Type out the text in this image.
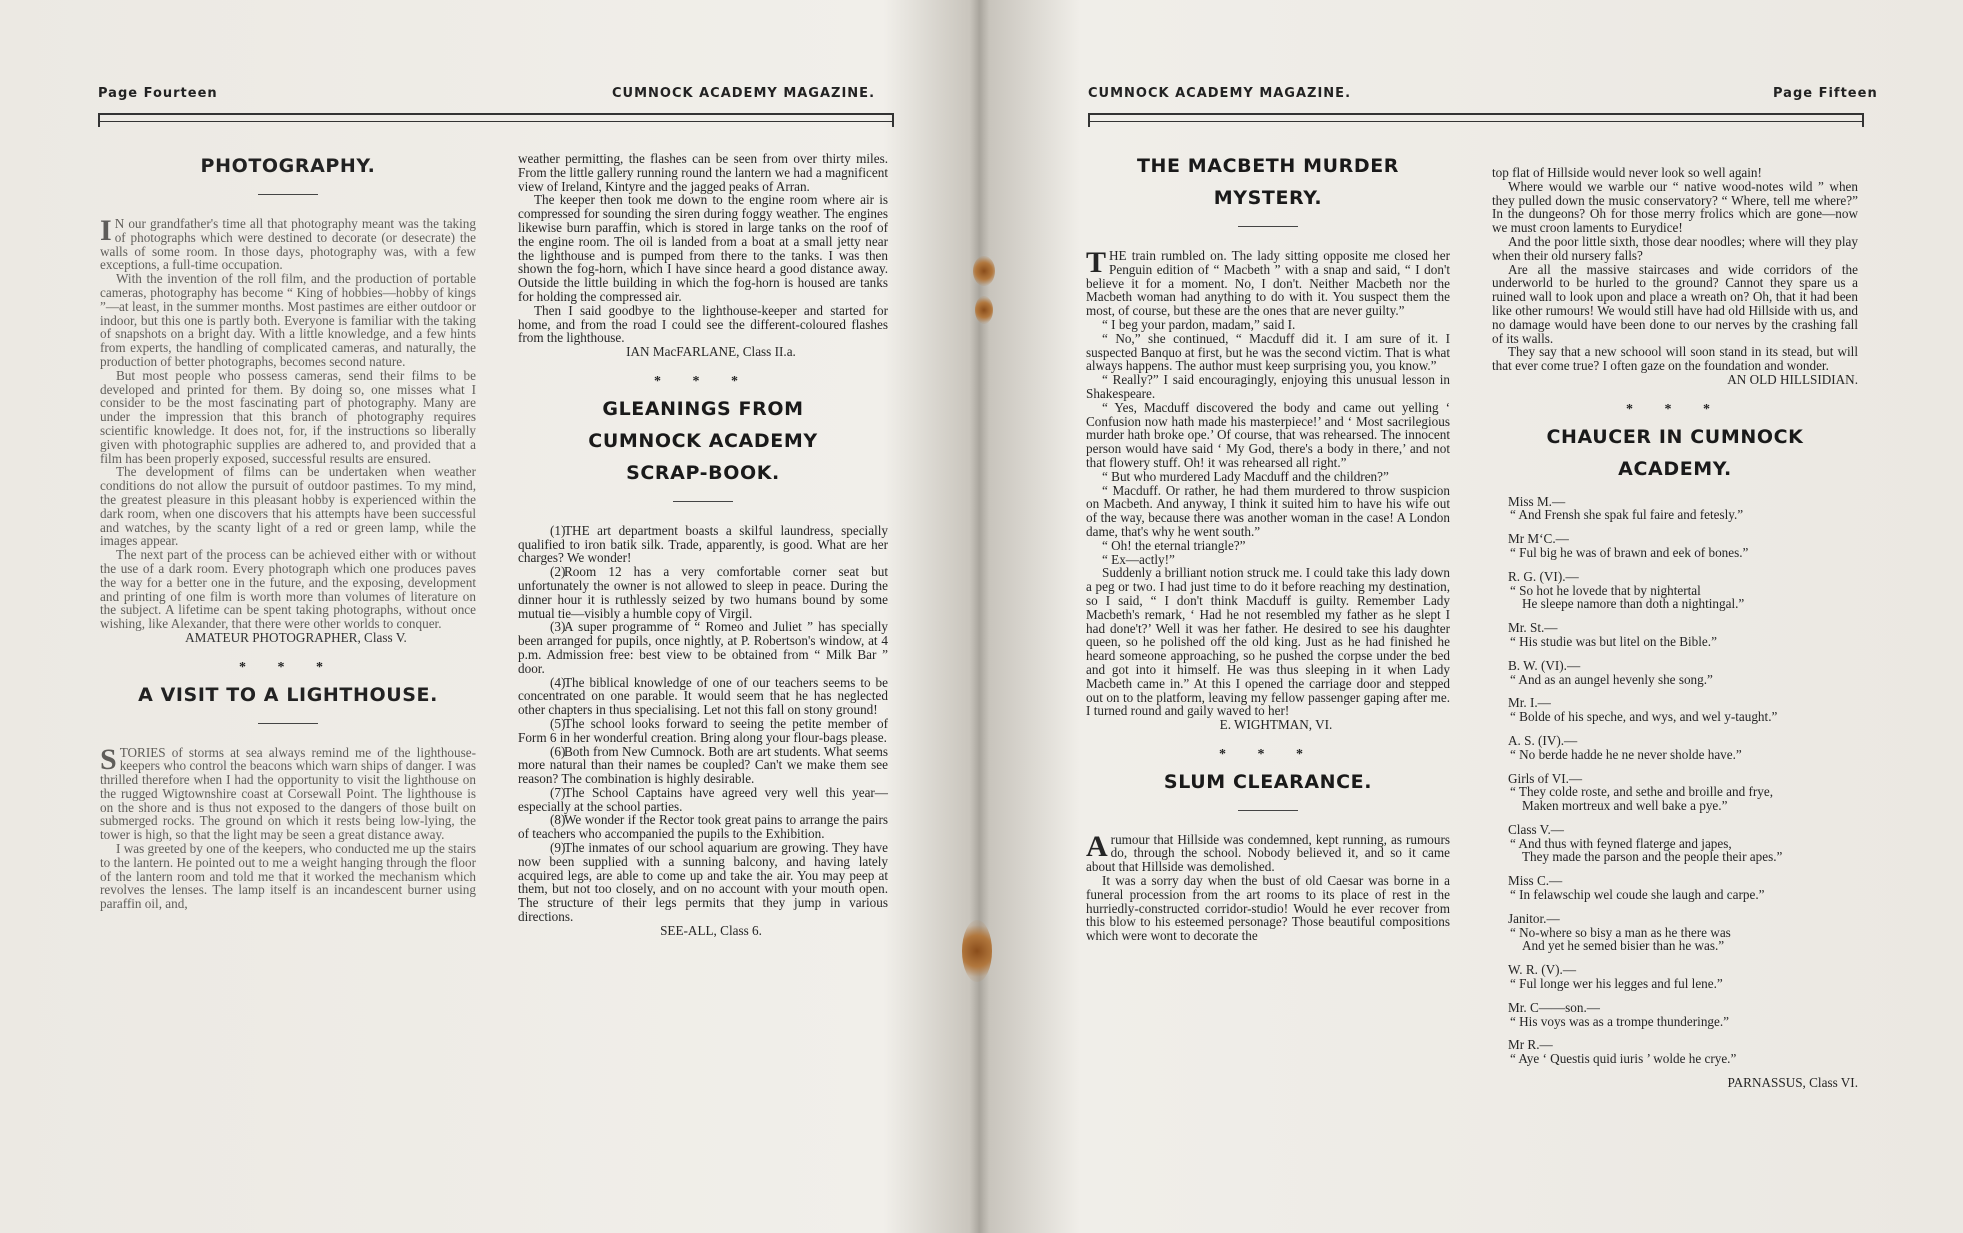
Page Fourteen	CUMNOCK ACADEMY MAGAZINE.
PHOTOGRAPHY.

I N our grandfather's time all that photography meant was the taking of photographs which were destined to decorate (or desecrate) the walls of some room. In those days, photography was, with a few exceptions, a full-time occupation.

With the invention of the roll film, and the production of portable cameras, photography has become “ King of hobbies—hobby of kings ”—at least, in the summer months. Most pastimes are either outdoor or indoor, but this one is partly both. Everyone is familiar with the taking of snapshots on a bright day. With a little knowledge, and a few hints from experts, the handling of complicated cameras, and naturally, the production of better photographs, becomes second nature.

But most people who possess cameras, send their films to be developed and printed for them. By doing so, one misses what I consider to be the most fascinating part of photography. Many are under the impression that this branch of photography requires scientific knowledge. It does not, for, if the instructions so liberally given with photographic supplies are adhered to, and provided that a film has been properly exposed, successful results are ensured.

The development of films can be undertaken when weather conditions do not allow the pursuit of outdoor pastimes. To my mind, the greatest pleasure in this pleasant hobby is experienced within the dark room, when one discovers that his attempts have been successful and watches, by the scanty light of a red or green lamp, while the images appear.

The next part of the process can be achieved either with or without the use of a dark room. Every photograph which one produces paves the way for a better one in the future, and the exposing, development and printing of one film is worth more than volumes of literature on the subject. A lifetime can be spent taking photographs, without once wishing, like Alexander, that there were other worlds to conquer.

AMATEUR PHOTOGRAPHER, Class V.

* * *
A VISIT TO A LIGHTHOUSE.

STORIES of storms at sea always remind me of the lighthouse-keepers who control the beacons which warn ships of danger. I was thrilled therefore when I had the opportunity to visit the lighthouse on the rugged Wigtownshire coast at Corsewall Point. The lighthouse is on the shore and is thus not exposed to the dangers of those built on submerged rocks. The ground on which it rests being low-lying, the tower is high, so that the light may be seen a great distance away.

I was greeted by one of the keepers, who conducted me up the stairs to the lantern. He pointed out to me a weight hanging through the floor of the lantern room and told me that it worked the mechanism which revolves the lenses. The lamp itself is an incandescent burner using paraffin oil, and,

weather permitting, the flashes can be seen from over thirty miles. From the little gallery running round the lantern we had a magnificent view of Ireland, Kintyre and the jagged peaks of Arran.

The keeper then took me down to the engine room where air is compressed for sounding the siren during foggy weather. The engines likewise burn paraffin, which is stored in large tanks on the roof of the engine room. The oil is landed from a boat at a small jetty near the lighthouse and is pumped from there to the tanks. I was then shown the fog-horn, which I have since heard a good distance away. Outside the little building in which the fog-horn is housed are tanks for holding the compressed air.

Then I said goodbye to the lighthouse-keeper and started for home, and from the road I could see the different-coloured flashes from the lighthouse.

IAN MacFARLANE, Class II.a.

* * *
GLEANINGS FROM CUMNOCK ACADEMY SCRAP-BOOK.

(1)THE art department boasts a skilful laundress, specially qualified to iron batik silk. Trade, apparently, is good. What are her charges? We wonder!

(2)Room 12 has a very comfortable corner seat but unfortunately the owner is not allowed to sleep in peace. During the dinner hour it is ruthlessly seized by two humans bound by some mutual tie—visibly a humble copy of Virgil.

(3)A super programme of “ Romeo and Juliet ” has specially been arranged for pupils, once nightly, at P. Robertson's window, at 4 p.m. Admission free: best view to be obtained from “ Milk Bar ” door.

(4)The biblical knowledge of one of our teachers seems to be concentrated on one parable. It would seem that he has neglected other chapters in thus specialising. Let not this fall on stony ground!

(5)The school looks forward to seeing the petite member of Form 6 in her wonderful creation. Bring along your flour-bags please.

(6)Both from New Cumnock. Both are art students. What seems more natural than their names be coupled? Can't we make them see reason? The combination is highly desirable.

(7)The School Captains have agreed very well this year—especially at the school parties.

(8)We wonder if the Rector took great pains to arrange the pairs of teachers who accompanied the pupils to the Exhibition.

(9)The inmates of our school aquarium are growing. They have now been supplied with a sunning balcony, and having lately acquired legs, are able to come up and take the air. You may peep at them, but not too closely, and on no account with your mouth open. The structure of their legs permits that they jump in various directions.

SEE-ALL, Class 6.

CUMNOCK ACADEMY MAGAZINE.	Page Fifteen
THE MACBETH MURDER
MYSTERY.

THE train rumbled on. The lady sitting opposite me closed her Penguin edition of “ Macbeth ” with a snap and said, “ I don't believe it for a moment. No, I don't. Neither Macbeth nor the Macbeth woman had anything to do with it. You suspect them the most, of course, but these are the ones that are never guilty.”

“ I beg your pardon, madam,” said I.

“ No,” she continued, “ Macduff did it. I am sure of it. I suspected Banquo at first, but he was the second victim. That is what always happens. The author must keep surprising you, you know.”

“ Really?” I said encouragingly, enjoying this unusual lesson in Shakespeare.

“ Yes, Macduff discovered the body and came out yelling ‘ Confusion now hath made his masterpiece!’ and ‘ Most sacrilegious murder hath broke ope.’ Of course, that was rehearsed. The innocent person would have said ‘ My God, there's a body in there,’ and not that flowery stuff. Oh! it was rehearsed all right.”

“ But who murdered Lady Macduff and the children?”

“ Macduff. Or rather, he had them murdered to throw suspicion on Macbeth. And anyway, I think it suited him to have his wife out of the way, because there was another woman in the case! A London dame, that's why he went south.”

“ Oh! the eternal triangle?”

“ Ex—actly!”

Suddenly a brilliant notion struck me. I could take this lady down a peg or two. I had just time to do it before reaching my destination, so I said, “ I don't think Macduff is guilty. Remember Lady Macbeth's remark, ‘ Had he not resembled my father as he slept I had done't?’ Well it was her father. He desired to see his daughter queen, so he polished off the old king. Just as he had finished he heard someone approaching, so he pushed the corpse under the bed and got into it himself. He was thus sleeping in it when Lady Macbeth came in.” At this I opened the carriage door and stepped out on to the platform, leaving my fellow passenger gaping after me. I turned round and gaily waved to her!

E. WIGHTMAN, VI.

* * *
SLUM CLEARANCE.

Arumour that Hillside was condemned, kept running, as rumours do, through the school. Nobody believed it, and so it came about that Hillside was demolished.

It was a sorry day when the bust of old Caesar was borne in a funeral procession from the art rooms to its place of rest in the hurriedly-constructed corridor-studio! Would he ever recover from this blow to his esteemed personage? Those beautiful compositions which were wont to decorate the

top flat of Hillside would never look so well again!

Where would we warble our “ native wood-notes wild ” when they pulled down the music conservatory? “ Where, tell me where?” In the dungeons? Oh for those merry frolics which are gone—now we must croon laments to Eurydice!

And the poor little sixth, those dear noodles; where will they play when their old nursery falls?

Are all the massive staircases and wide corridors of the underworld to be hurled to the ground? Cannot they spare us a ruined wall to look upon and place a wreath on? Oh, that it had been like other rumours! We would still have had old Hillside with us, and no damage would have been done to our nerves by the crashing fall of its walls.

They say that a new schoool will soon stand in its stead, but will that ever come true? I often gaze on the foundation and wonder.

AN OLD HILLSIDIAN.

* * *
CHAUCER IN CUMNOCK
ACADEMY.

Miss M.—

“ And Frensh she spak ful faire and fetesly.”

Mr M‘C.—

“ Ful big he was of brawn and eek of bones.”

R. G. (VI).—

“ So hot he lovede that by nightertal

He sleepe namore than doth a nightingal.”

Mr. St.—

“ His studie was but litel on the Bible.”

B. W. (VI).—

“ And as an aungel hevenly she song.”

Mr. I.—

“ Bolde of his speche, and wys, and wel y-taught.”

A. S. (IV).—

“ No berde hadde he ne never sholde have.”

Girls of VI.—

“ They colde roste, and sethe and broille and frye,

Maken mortreux and well bake a pye.”

Class V.—

“ And thus with feyned flaterge and japes,

They made the parson and the people their apes.”

Miss C.—

“ In felawschip wel coude she laugh and carpe.”

Janitor.—

“ No-where so bisy a man as he there was

And yet he semed bisier than he was.”

W. R. (V).—

“ Ful longe wer his legges and ful lene.”

Mr. C——son.—

“ His voys was as a trompe thunderinge.”

Mr R.—

“ Aye ‘ Questis quid iuris ’ wolde he crye.”

PARNASSUS, Class VI.
